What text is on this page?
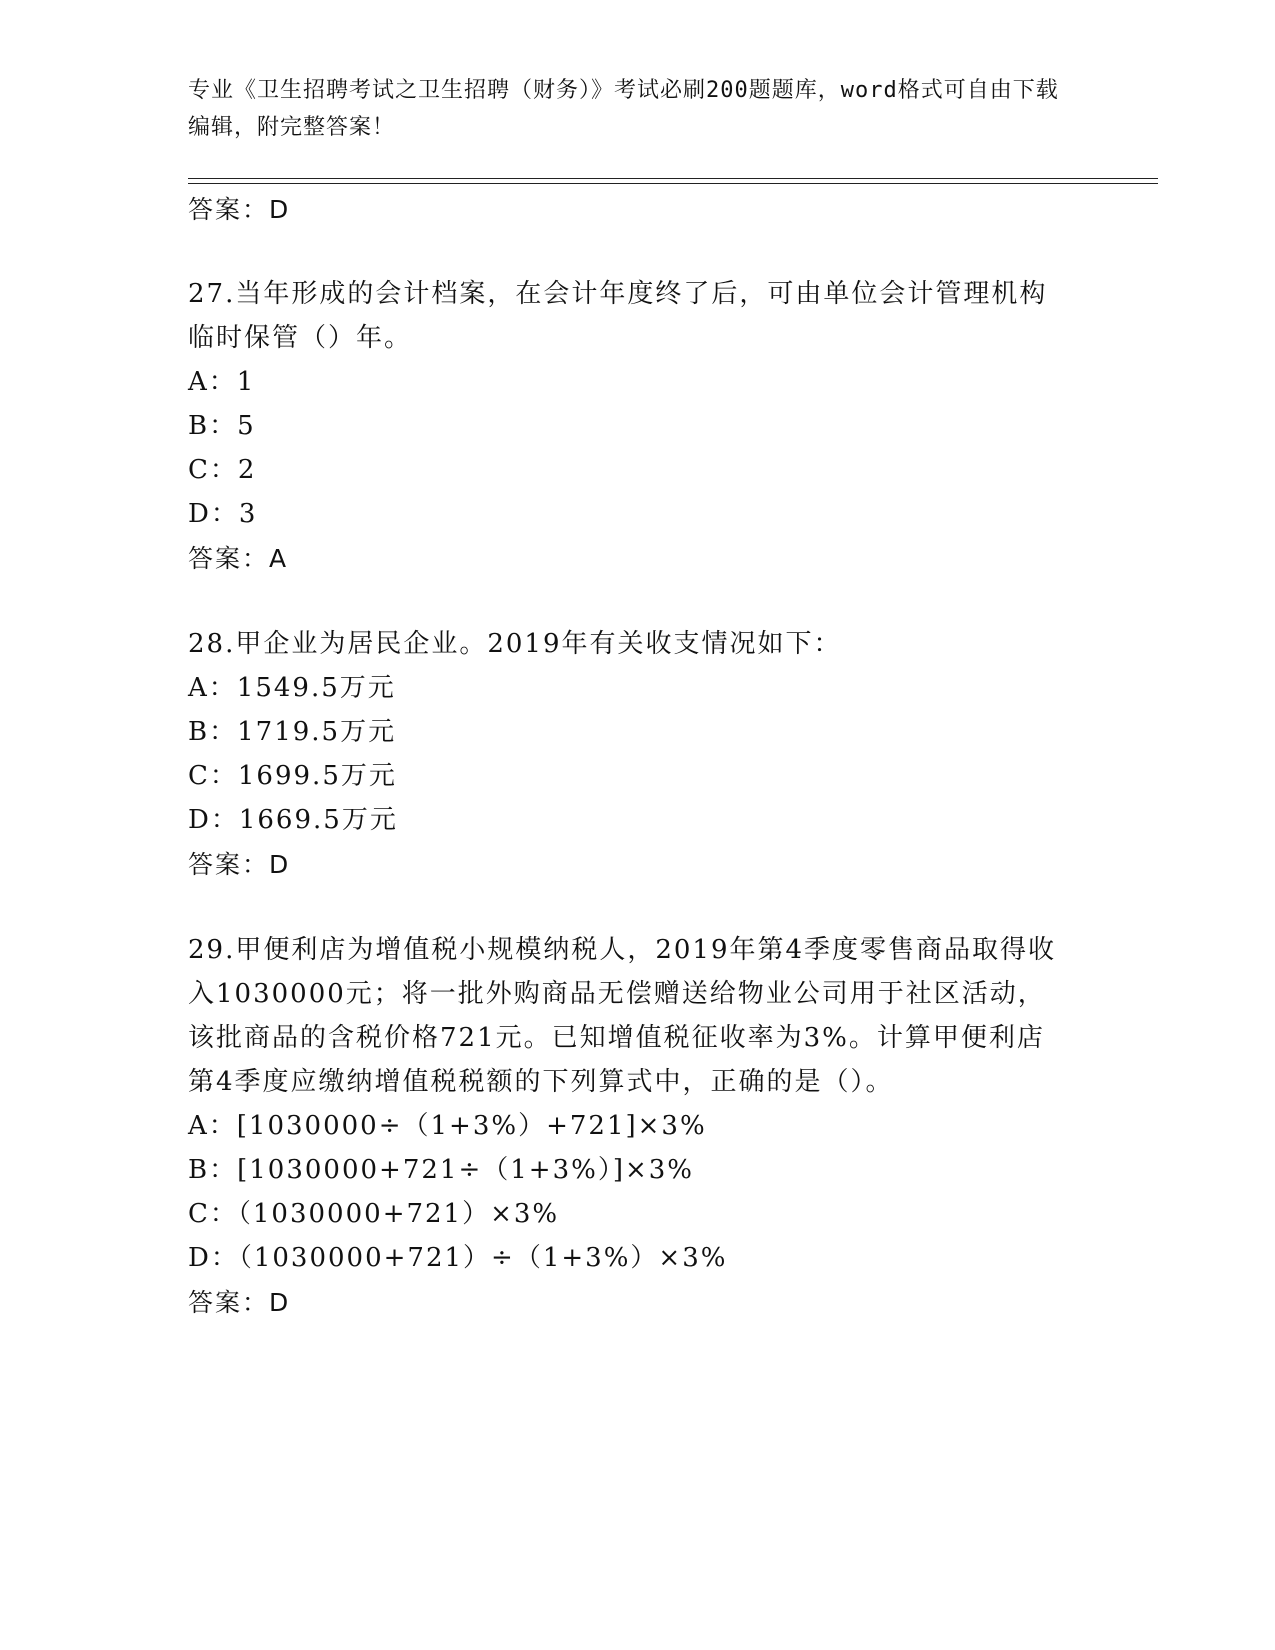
专业《卫生招聘考试之卫生招聘（财务）》考试必刷200题题库，word格式可自由下载编辑，附完整答案！
答案：D
27.当年形成的会计档案，在会计年度终了后，可由单位会计管理机构
临时保管（）年。
A：1
B：5
C：2
D：3
答案：A
28.甲企业为居民企业。2019年有关收支情况如下：
A：1549.5万元
B：1719.5万元
C：1699.5万元
D：1669.5万元
答案：D
29.甲便利店为增值税小规模纳税人，2019年第4季度零售商品取得收
入1030000元；将一批外购商品无偿赠送给物业公司用于社区活动，
该批商品的含税价格721元。已知增值税征收率为3%。计算甲便利店
第4季度应缴纳增值税税额的下列算式中，正确的是（）。
A：[1030000÷（1+3%）+721]×3%
B：[1030000+721÷（1+3%）]×3%
C：（1030000+721）×3%
D：（1030000+721）÷（1+3%）×3%
答案：D
